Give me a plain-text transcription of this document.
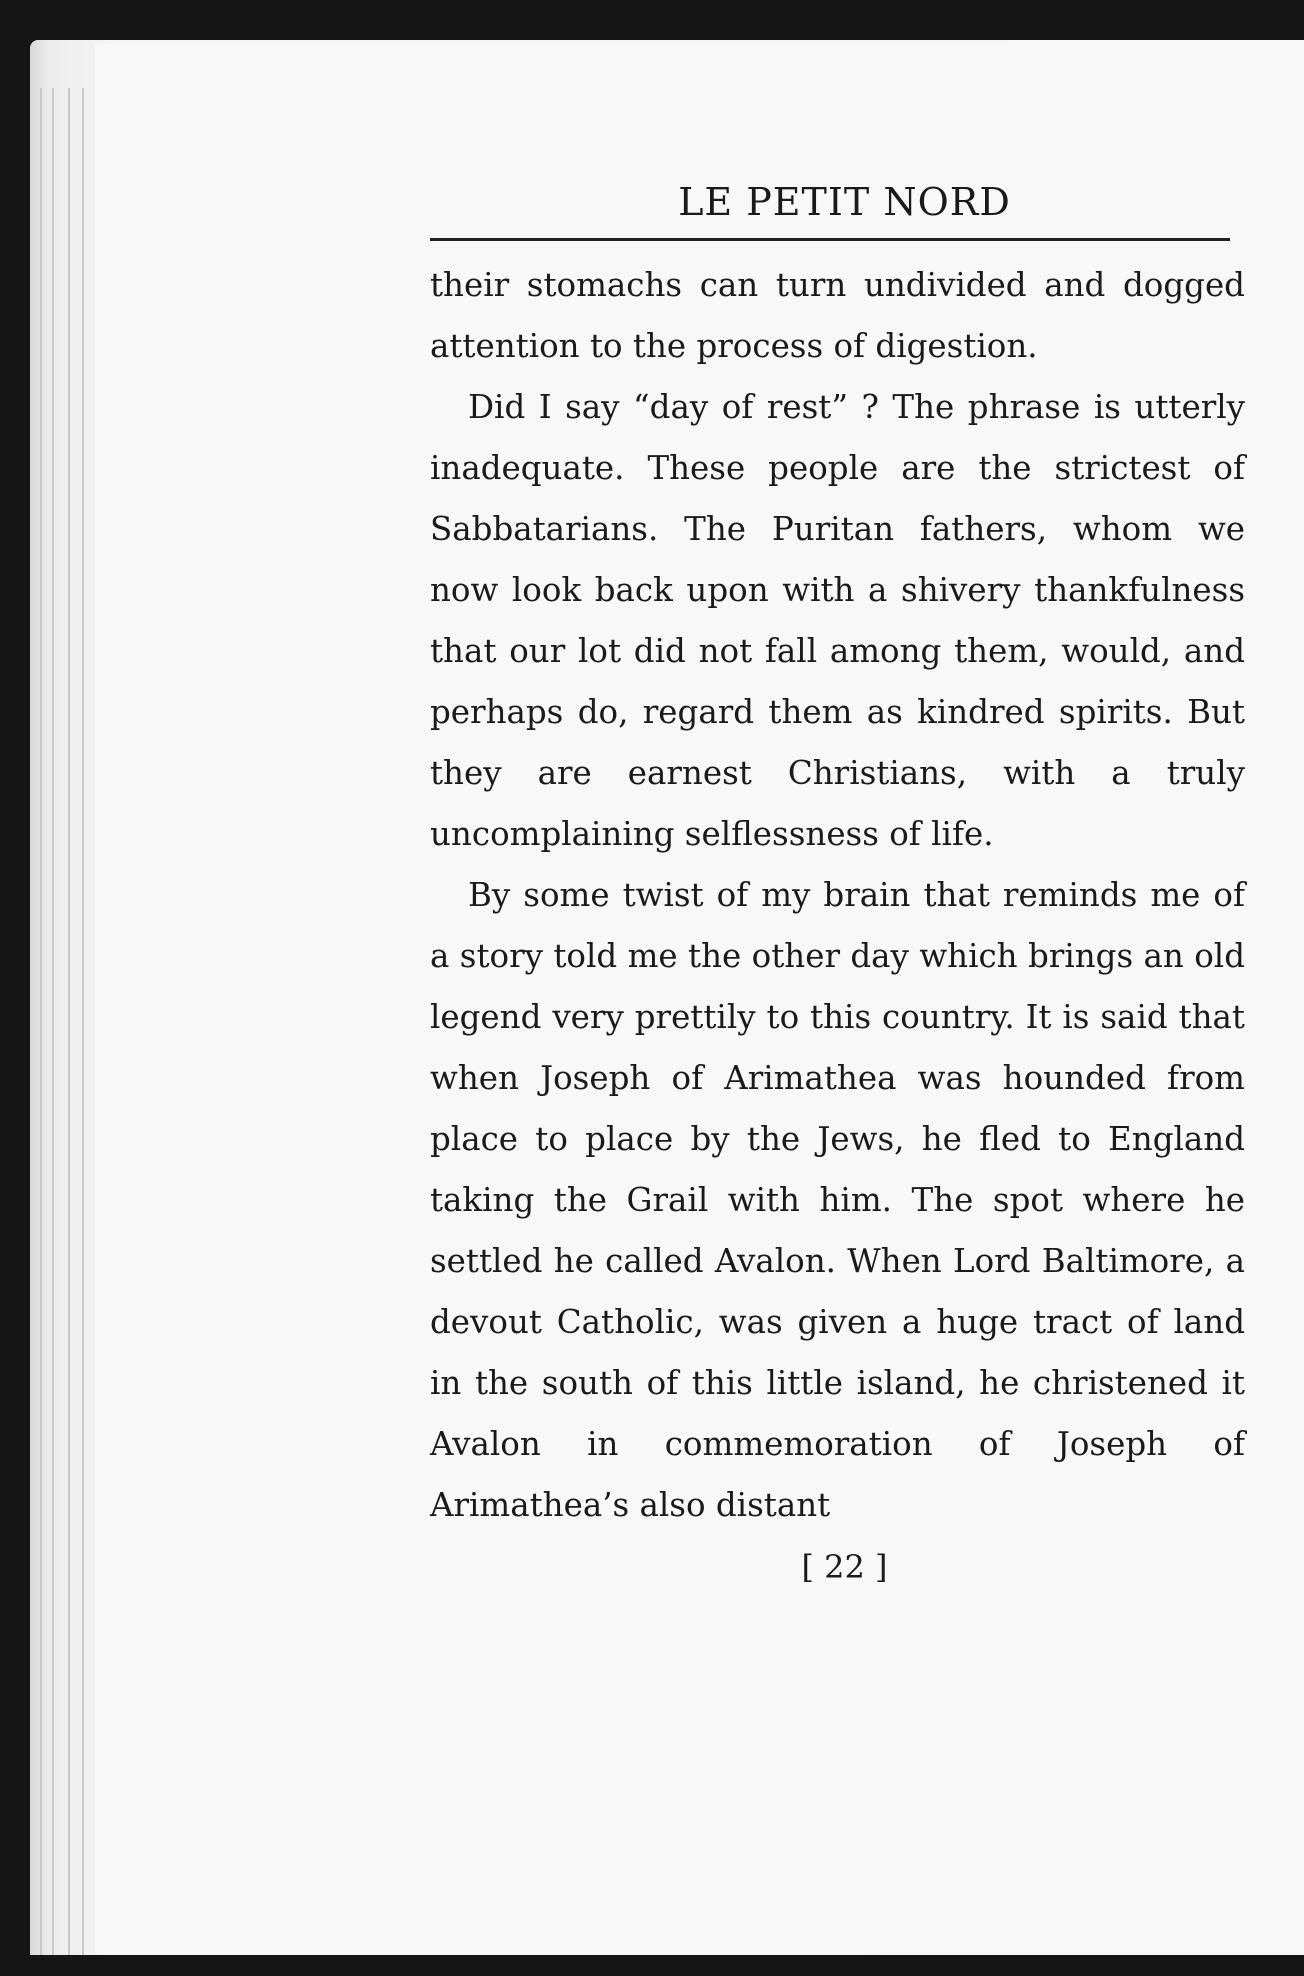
LE PETIT NORD

their stomachs can turn undivided and dogged attention to the process of digestion.

Did I say “day of rest” ? The phrase is utterly inadequate. These people are the strictest of Sabbatarians. The Puritan fathers, whom we now look back upon with a shivery thankfulness that our lot did not fall among them, would, and perhaps do, regard them as kindred spirits. But they are earnest Christians, with a truly uncomplaining selflessness of life.

By some twist of my brain that reminds me of a story told me the other day which brings an old legend very prettily to this country. It is said that when Joseph of Arimathea was hounded from place to place by the Jews, he fled to England taking the Grail with him. The spot where he settled he called Avalon. When Lord Baltimore, a devout Catholic, was given a huge tract of land in the south of this little island, he christened it Avalon in commemoration of Joseph of Arimathea’s also distant

[ 22 ]
